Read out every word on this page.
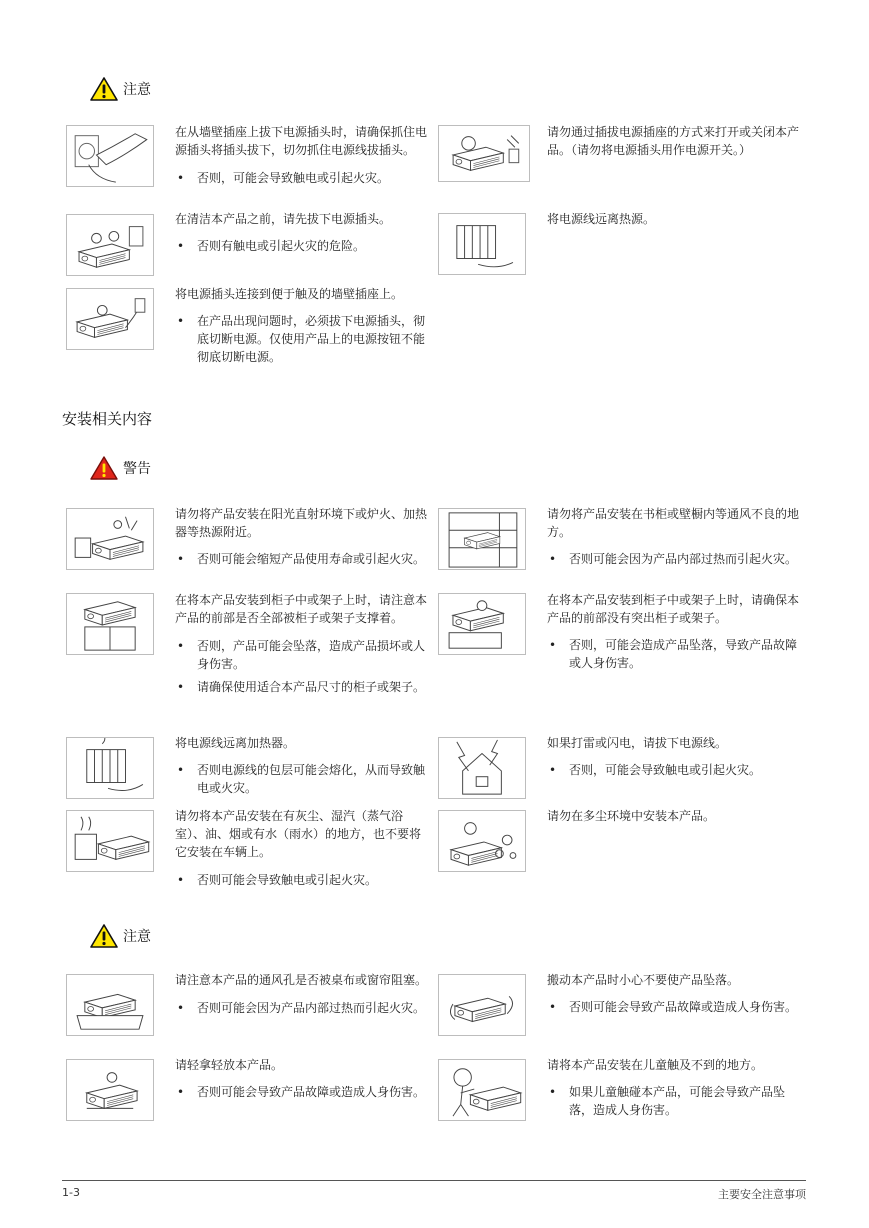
注意

在从墙壁插座上拔下电源插头时，请确保抓住电源插头将插头拔下，切勿抓住电源线拔插头。

• 否则，可能会导致触电或引起火灾。

请勿通过插拔电源插座的方式来打开或关闭本产品。（请勿将电源插头用作电源开关。）

在清洁本产品之前，请先拔下电源插头。

• 否则有触电或引起火灾的危险。

将电源线远离热源。

将电源插头连接到便于触及的墙壁插座上。

• 在产品出现问题时，必须拔下电源插头，彻底切断电源。仅使用产品上的电源按钮不能彻底切断电源。

安装相关内容
警告

请勿将产品安装在阳光直射环境下或炉火、加热器等热源附近。

• 否则可能会缩短产品使用寿命或引起火灾。

请勿将产品安装在书柜或壁橱内等通风不良的地方。

• 否则可能会因为产品内部过热而引起火灾。

在将本产品安装到柜子中或架子上时，请注意本产品的前部是否全部被柜子或架子支撑着。

• 否则，产品可能会坠落，造成产品损坏或人身伤害。

• 请确保使用适合本产品尺寸的柜子或架子。

在将本产品安装到柜子中或架子上时，请确保本产品的前部没有突出柜子或架子。

• 否则，可能会造成产品坠落，导致产品故障或人身伤害。

将电源线远离加热器。

• 否则电源线的包层可能会熔化，从而导致触电或火灾。

如果打雷或闪电，请拔下电源线。

• 否则，可能会导致触电或引起火灾。

请勿将本产品安装在有灰尘、湿汽（蒸气浴室）、油、烟或有水（雨水）的地方，也不要将它安装在车辆上。

• 否则可能会导致触电或引起火灾。

请勿在多尘环境中安装本产品。

注意

请注意本产品的通风孔是否被桌布或窗帘阻塞。

• 否则可能会因为产品内部过热而引起火灾。

搬动本产品时小心不要使产品坠落。

• 否则可能会导致产品故障或造成人身伤害。

请轻拿轻放本产品。

• 否则可能会导致产品故障或造成人身伤害。

请将本产品安装在儿童触及不到的地方。

• 如果儿童触碰本产品，可能会导致产品坠落，造成人身伤害。

1-3	主要安全注意事项
